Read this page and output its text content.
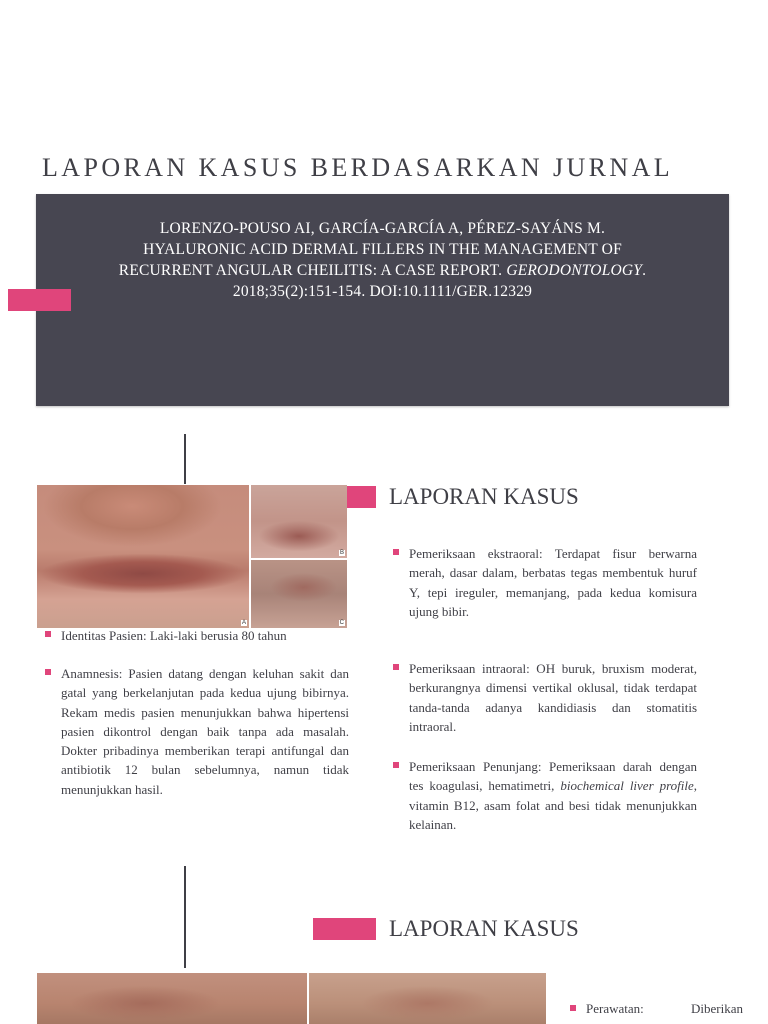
LAPORAN KASUS BERDASARKAN JURNAL
LORENZO-POUSO AI, GARCÍA-GARCÍA A, PÉREZ-SAYÁNS M.
HYALURONIC ACID DERMAL FILLERS IN THE MANAGEMENT OF
RECURRENT ANGULAR CHEILITIS: A CASE REPORT. GERODONTOLOGY.
2018;35(2):151-154. DOI:10.1111/GER.12329
LAPORAN KASUS
A
B
C
Identitas Pasien: Laki-laki berusia 80 tahun
Anamnesis: Pasien datang dengan keluhan sakit dan gatal yang berkelanjutan pada kedua ujung bibirnya. Rekam medis pasien menunjukkan bahwa hipertensi pasien dikontrol dengan baik tanpa ada masalah. Dokter pribadinya memberikan terapi antifungal dan antibiotik 12 bulan sebelumnya, namun tidak menunjukkan hasil.
Pemeriksaan ekstraoral: Terdapat fisur berwarna merah, dasar dalam, berbatas tegas membentuk huruf Y, tepi ireguler, memanjang, pada kedua komisura ujung bibir.
Pemeriksaan intraoral: OH buruk, bruxism moderat, berkurangnya dimensi vertikal oklusal, tidak terdapat tanda-tanda adanya kandidiasis dan stomatitis intraoral.
Pemeriksaan Penunjang: Pemeriksaan darah dengan tes koagulasi, hematimetri, biochemical liver profile, vitamin B12, asam folat and besi tidak menunjukkan kelainan.
LAPORAN KASUS
Perawatan: Diberikan
